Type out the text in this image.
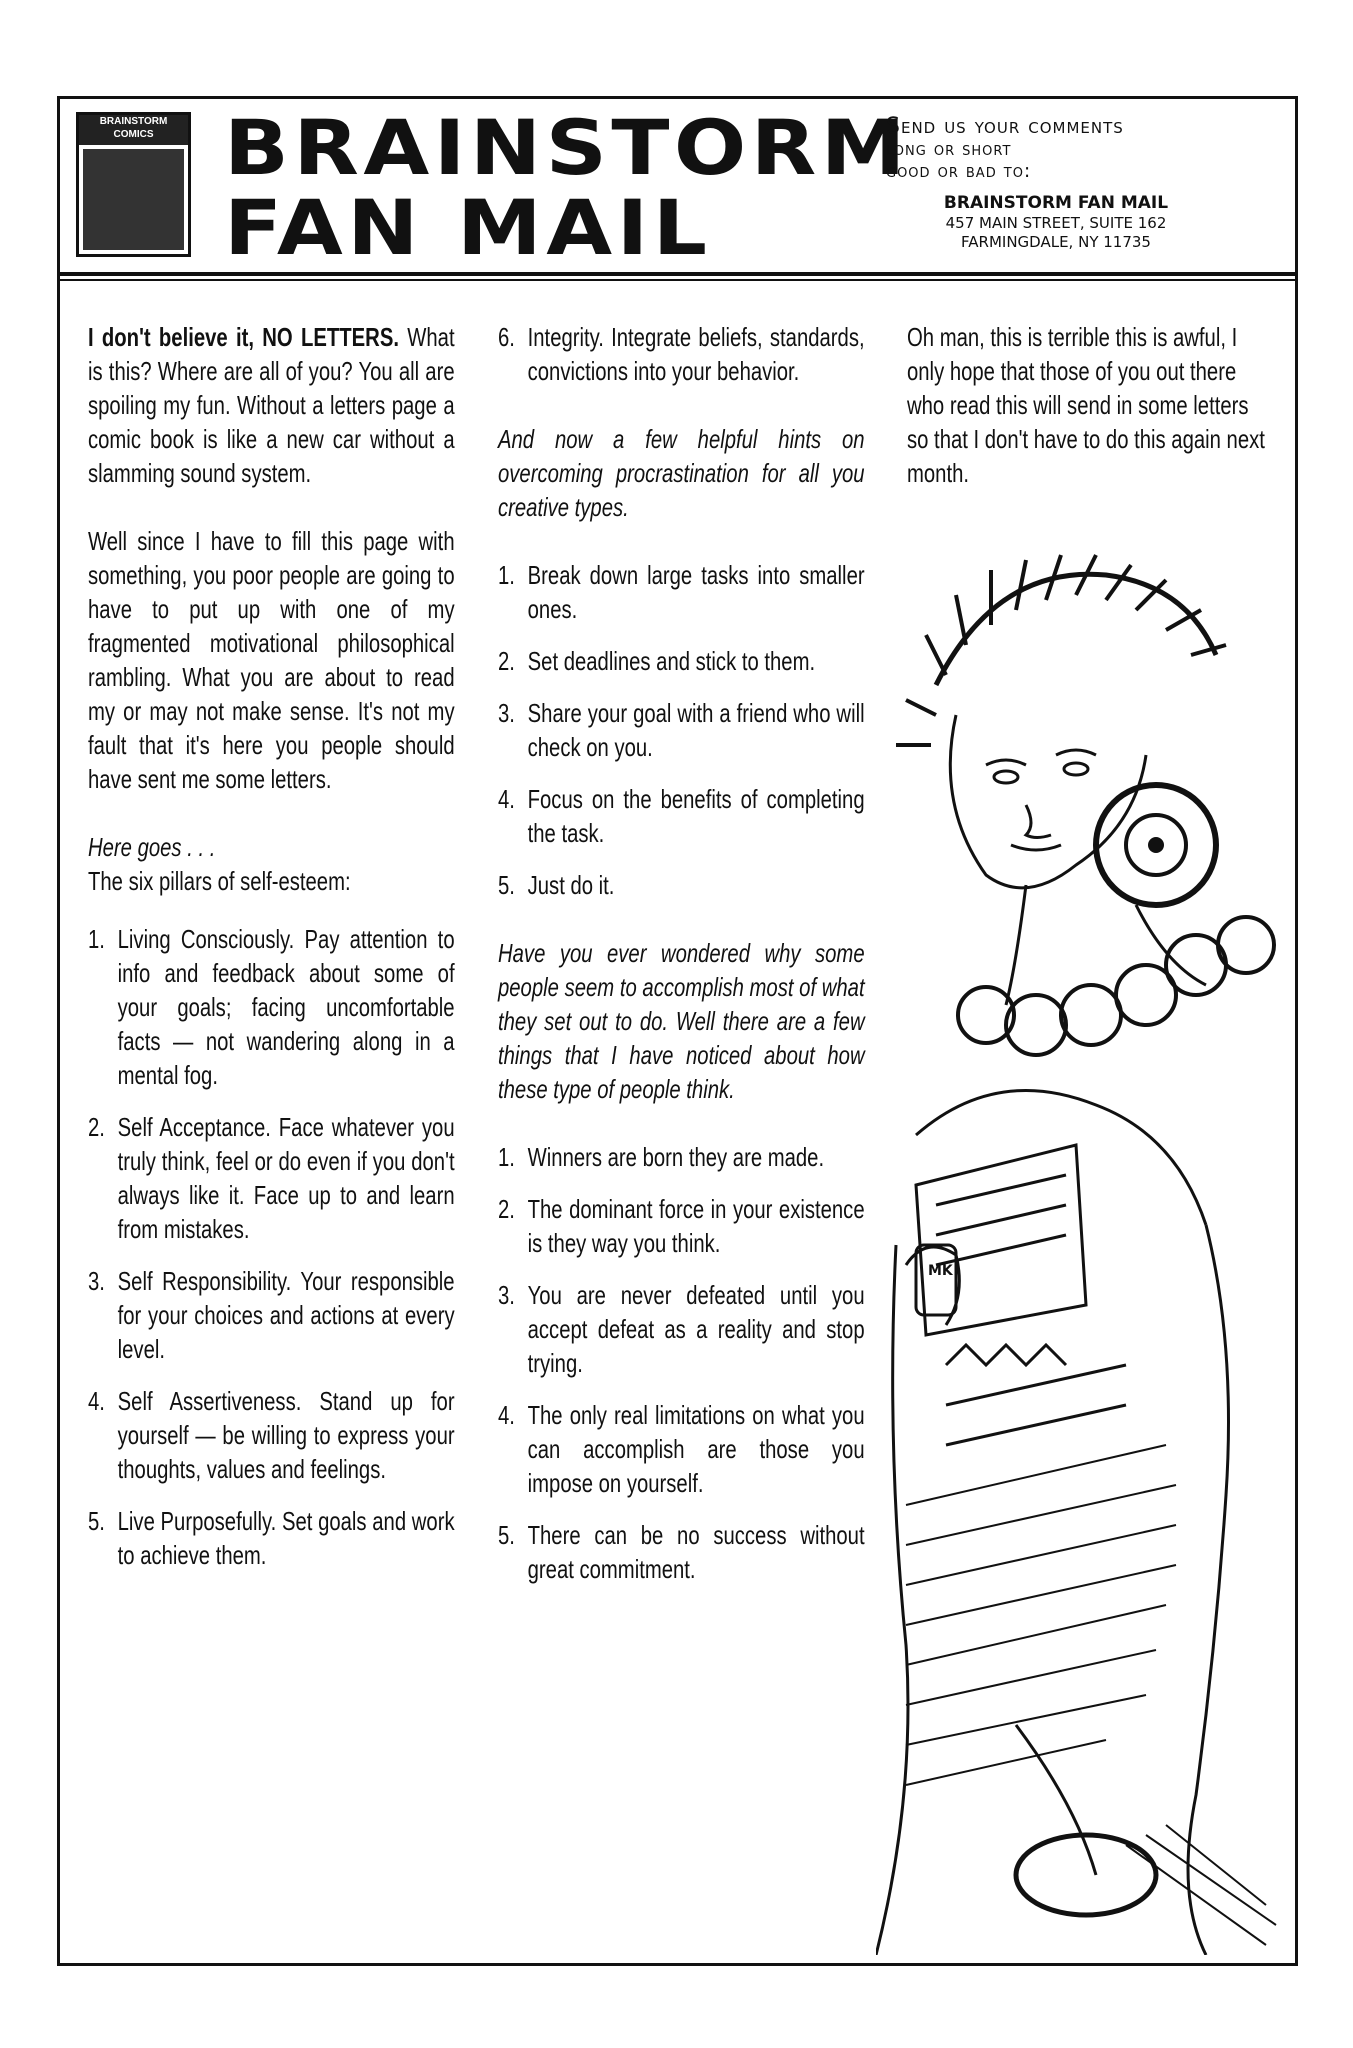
BRAINSTORM COMICS BRAINSTORM
FAN MAIL
Send us your comments
long or short
good or bad to:
BRAINSTORM FAN MAIL
457 MAIN STREET, SUITE 162
FARMINGDALE, NY 11735

I don't believe it, NO LETTERS. What is this? Where are all of you? You all are spoiling my fun. Without a letters page a comic book is like a new car without a slamming sound system.

Well since I have to fill this page with something, you poor people are going to have to put up with one of my fragmented motivational philosophical rambling. What you are about to read my or may not make sense. It's not my fault that it's here you people should have sent me some letters.

Here goes . . .
The six pillars of self-esteem:
1. Living Consciously. Pay attention to info and feedback about some of your goals; facing uncomfortable facts — not wandering along in a mental fog.
2. Self Acceptance. Face whatever you truly think, feel or do even if you don't always like it. Face up to and learn from mistakes.
3. Self Responsibility. Your responsible for your choices and actions at every level.
4. Self Assertiveness. Stand up for yourself — be willing to express your thoughts, values and feelings.
5. Live Purposefully. Set goals and work to achieve them.
6. Integrity. Integrate beliefs, standards, convictions into your behavior.

And now a few helpful hints on overcoming procrastination for all you creative types.

1. Break down large tasks into smaller ones.
2. Set deadlines and stick to them.
3. Share your goal with a friend who will check on you.
4. Focus on the benefits of completing the task.
5. Just do it.

Have you ever wondered why some people seem to accomplish most of what they set out to do. Well there are a few things that I have noticed about how these type of people think.

1. Winners are born they are made.
2. The dominant force in your existence is they way you think.
3. You are never defeated until you accept defeat as a reality and stop trying.
4. The only real limitations on what you can accomplish are those you impose on yourself.
5. There can be no success without great commitment.

Oh man, this is terrible this is awful, I only hope that those of you out there who read this will send in some letters so that I don't have to do this again next month.

MK
